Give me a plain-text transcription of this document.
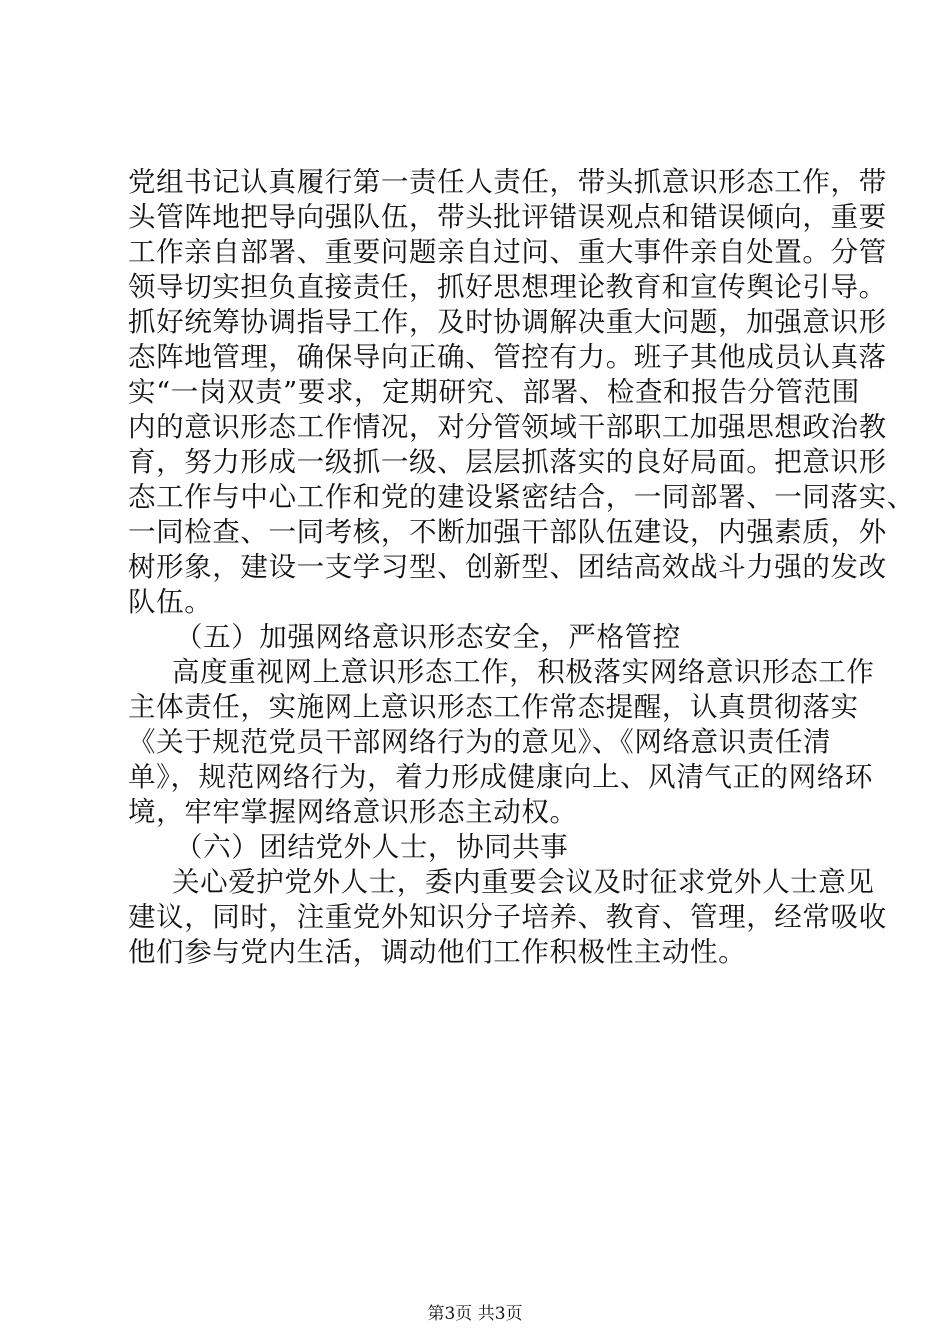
党组书记认真履行第一责任人责任，带头抓意识形态工作，带
头管阵地把导向强队伍，带头批评错误观点和错误倾向，重要
工作亲自部署、重要问题亲自过问、重大事件亲自处置。分管
领导切实担负直接责任，抓好思想理论教育和宣传舆论引导。
抓好统筹协调指导工作，及时协调解决重大问题，加强意识形
态阵地管理，确保导向正确、管控有力。班子其他成员认真落
实“一岗双责”要求，定期研究、部署、检查和报告分管范围
内的意识形态工作情况，对分管领域干部职工加强思想政治教
育，努力形成一级抓一级、层层抓落实的良好局面。把意识形
态工作与中心工作和党的建设紧密结合，一同部署、一同落实、
一同检查、一同考核，不断加强干部队伍建设，内强素质，外
树形象，建设一支学习型、创新型、团结高效战斗力强的发改
队伍。
（五）加强网络意识形态安全，严格管控
高度重视网上意识形态工作，积极落实网络意识形态工作
主体责任，实施网上意识形态工作常态提醒，认真贯彻落实
《关于规范党员干部网络行为的意见》、《网络意识责任清
单》，规范网络行为，着力形成健康向上、风清气正的网络环
境，牢牢掌握网络意识形态主动权。
（六）团结党外人士，协同共事
关心爱护党外人士，委内重要会议及时征求党外人士意见
建议，同时，注重党外知识分子培养、教育、管理，经常吸收
他们参与党内生活，调动他们工作积极性主动性。
第3页 共3页
